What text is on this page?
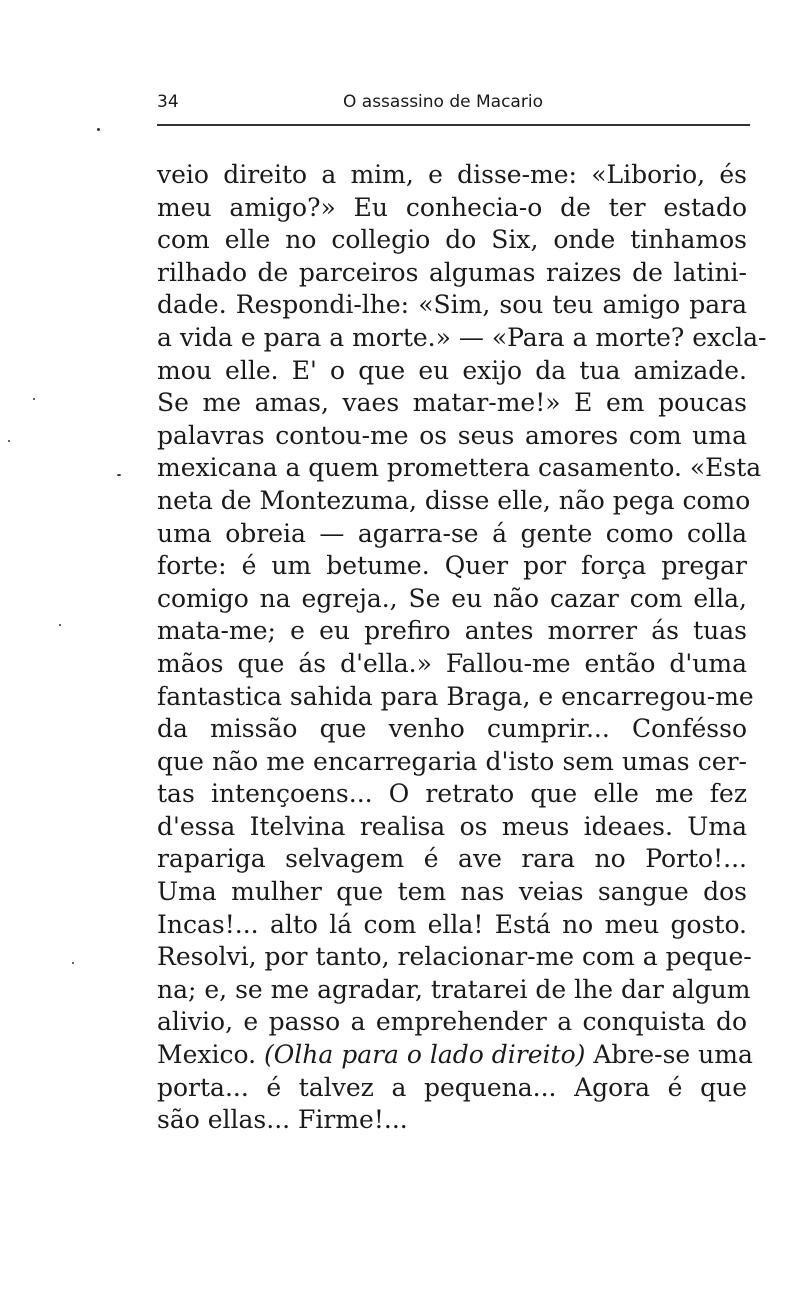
34	O assassino de Macario
veio direito a mim, e disse-me: «Liborio, és
meu amigo?» Eu conhecia-o de ter estado
com elle no collegio do Six, onde tinhamos
rilhado de parceiros algumas raizes de latini-
dade. Respondi-lhe: «Sim, sou teu amigo para
a vida e para a morte.» — «Para a morte? excla-
mou elle. E' o que eu exijo da tua amizade.
Se me amas, vaes matar-me!» E em poucas
palavras contou-me os seus amores com uma
mexicana a quem promettera casamento. «Esta
neta de Montezuma, disse elle, não pega como
uma obreia — agarra-se á gente como colla
forte: é um betume. Quer por força pregar
comigo na egreja., Se eu não cazar com ella,
mata-me; e eu prefiro antes morrer ás tuas
mãos que ás d'ella.» Fallou-me então d'uma
fantastica sahida para Braga, e encarregou-me
da missão que venho cumprir... Confésso
que não me encarregaria d'isto sem umas cer-
tas intençoens... O retrato que elle me fez
d'essa Itelvina realisa os meus ideaes. Uma
rapariga selvagem é ave rara no Porto!...
Uma mulher que tem nas veias sangue dos
Incas!... alto lá com ella! Está no meu gosto.
Resolvi, por tanto, relacionar-me com a peque-
na; e, se me agradar, tratarei de lhe dar algum
alivio, e passo a emprehender a conquista do
Mexico. (Olha para o lado direito) Abre-se uma
porta... é talvez a pequena... Agora é que
são ellas... Firme!...
